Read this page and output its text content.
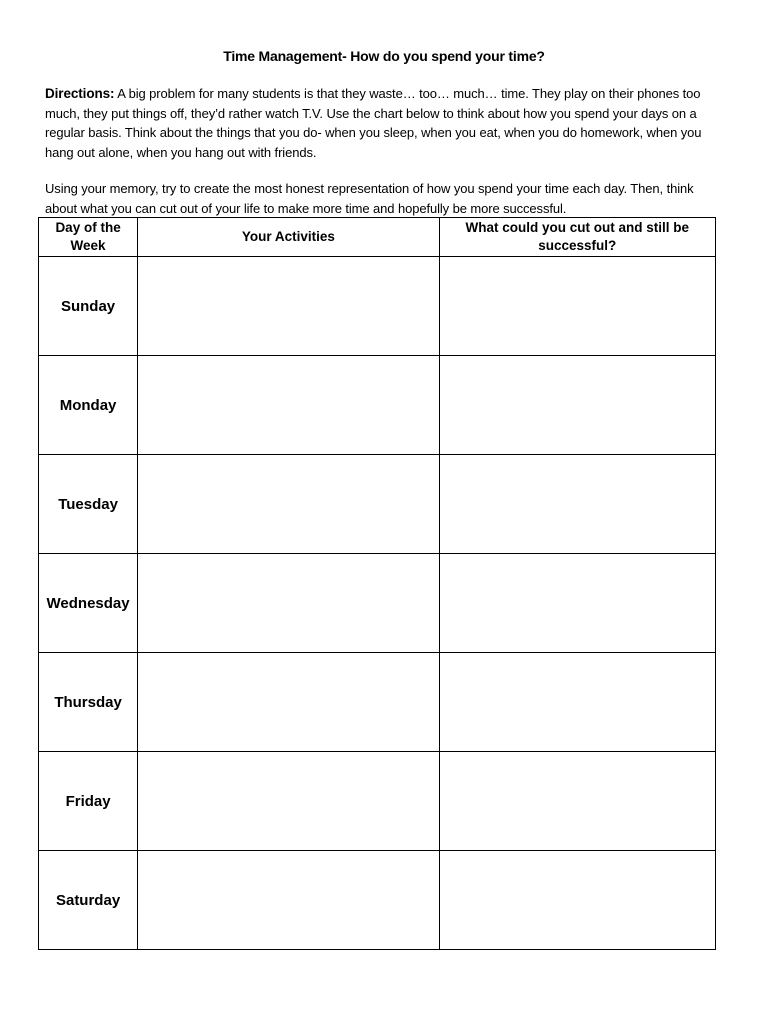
Time Management- How do you spend your time?
Directions: A big problem for many students is that they waste… too… much… time. They play on their phones too much, they put things off, they’d rather watch T.V. Use the chart below to think about how you spend your days on a regular basis. Think about the things that you do- when you sleep, when you eat, when you do homework, when you hang out alone, when you hang out with friends.
Using your memory, try to create the most honest representation of how you spend your time each day. Then, think about what you can cut out of your life to make more time and hopefully be more successful.
Day of the Week	Your Activities	What could you cut out and still be successful?

Sunday		
Monday		
Tuesday		
Wednesday		
Thursday		
Friday		
Saturday		
